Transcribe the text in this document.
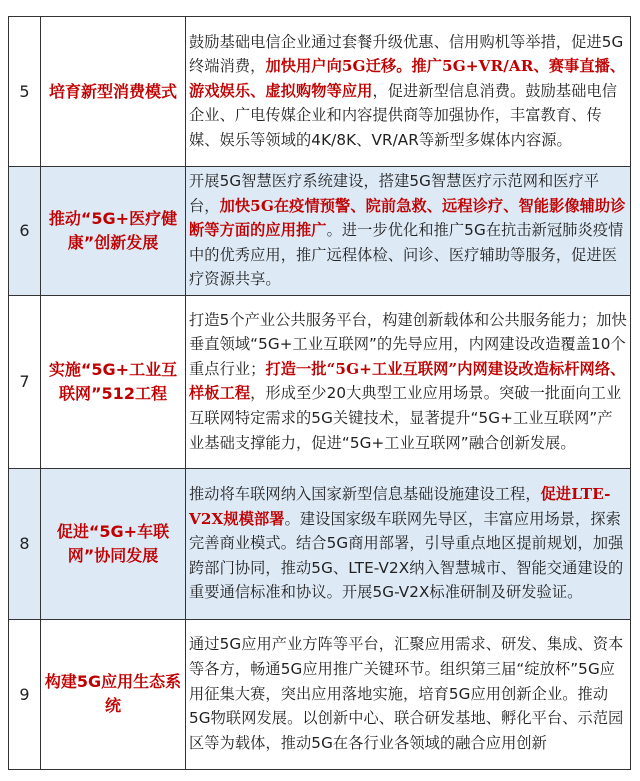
5	培育新型消费模式	鼓励基础电信企业通过套餐升级优惠、信用购机等举措，促进5G终端消费，加快用户向5G迁移。推广5G+VR/AR、赛事直播、游戏娱乐、虚拟购物等应用，促进新型信息消费。鼓励基础电信企业、广电传媒企业和内容提供商等加强协作，丰富教育、传媒、娱乐等领域的4K/8K、VR/AR等新型多媒体内容源。
6	推动“5G+医疗健康”创新发展	开展5G智慧医疗系统建设，搭建5G智慧医疗示范网和医疗平台，加快5G在疫情预警、院前急救、远程诊疗、智能影像辅助诊断等方面的应用推广。进一步优化和推广5G在抗击新冠肺炎疫情中的优秀应用，推广远程体检、问诊、医疗辅助等服务，促进医疗资源共享。
7	实施“5G+工业互联网”512工程	打造5个产业公共服务平台，构建创新载体和公共服务能力；加快垂直领域“5G+工业互联网”的先导应用，内网建设改造覆盖10个重点行业；打造一批“5G+工业互联网”内网建设改造标杆网络、样板工程，形成至少20大典型工业应用场景。突破一批面向工业互联网特定需求的5G关键技术，显著提升“5G+工业互联网”产业基础支撑能力，促进“5G+工业互联网”融合创新发展。
8	促进“5G+车联网”协同发展	推动将车联网纳入国家新型信息基础设施建设工程，促进LTE-V2X规模部署。建设国家级车联网先导区，丰富应用场景，探索完善商业模式。结合5G商用部署，引导重点地区提前规划，加强跨部门协同，推动5G、LTE-V2X纳入智慧城市、智能交通建设的重要通信标准和协议。开展5G-V2X标准研制及研发验证。
9	构建5G应用生态系统	通过5G应用产业方阵等平台，汇聚应用需求、研发、集成、资本等各方，畅通5G应用推广关键环节。组织第三届“绽放杯”5G应用征集大赛，突出应用落地实施，培育5G应用创新企业。推动5G物联网发展。以创新中心、联合研发基地、孵化平台、示范园区等为载体，推动5G在各行业各领域的融合应用创新
